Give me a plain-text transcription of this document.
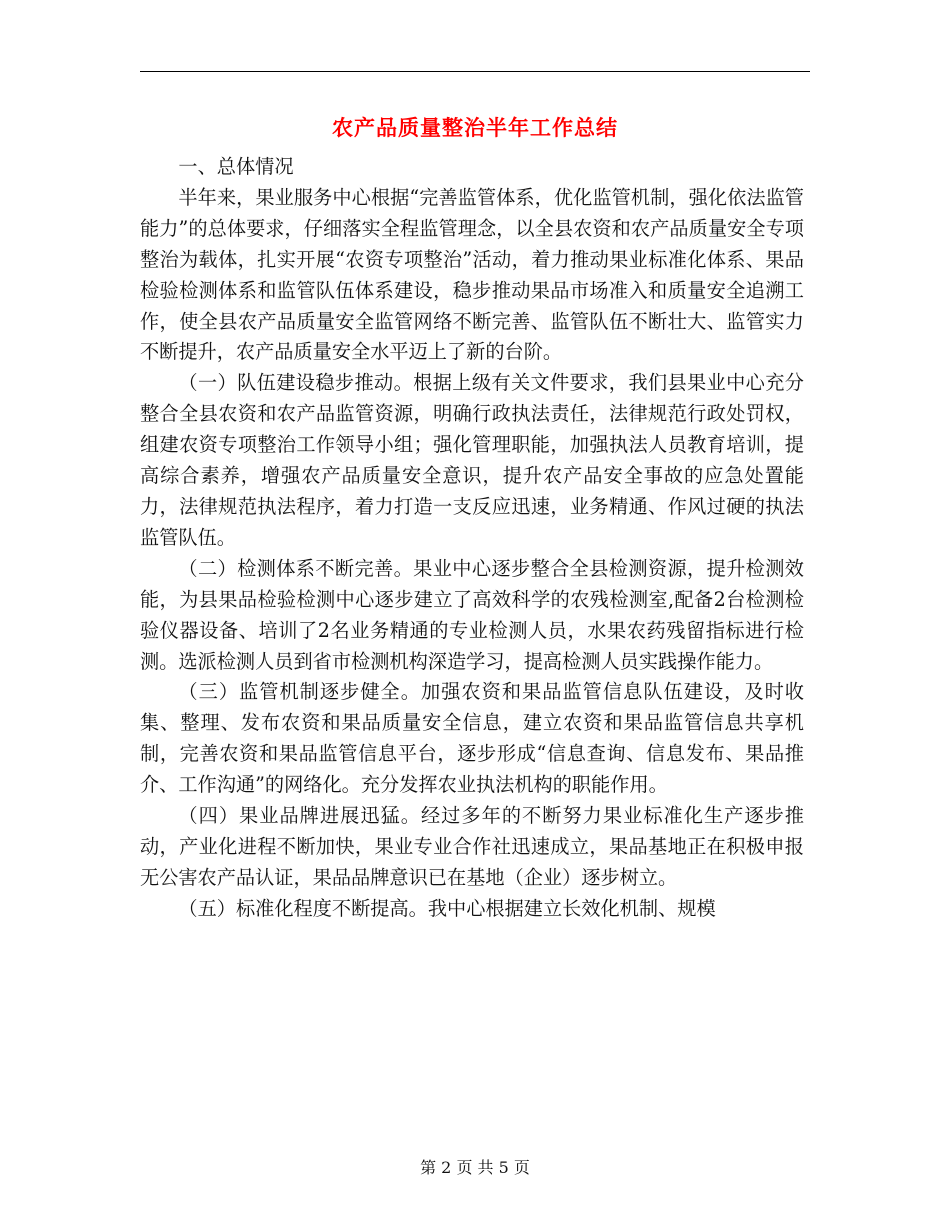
农产品质量整治半年工作总结

一、总体情况

半年来，果业服务中心根据“完善监管体系，优化监管机制，强化依法监管能力”的总体要求，仔细落实全程监管理念，以全县农资和农产品质量安全专项整治为载体，扎实开展“农资专项整治”活动，着力推动果业标准化体系、果品检验检测体系和监管队伍体系建设，稳步推动果品市场准入和质量安全追溯工作，使全县农产品质量安全监管网络不断完善、监管队伍不断壮大、监管实力不断提升，农产品质量安全水平迈上了新的台阶。

（一）队伍建设稳步推动。根据上级有关文件要求，我们县果业中心充分整合全县农资和农产品监管资源，明确行政执法责任，法律规范行政处罚权，组建农资专项整治工作领导小组；强化管理职能，加强执法人员教育培训，提高综合素养，增强农产品质量安全意识，提升农产品安全事故的应急处置能力，法律规范执法程序，着力打造一支反应迅速，业务精通、作风过硬的执法监管队伍。

（二）检测体系不断完善。果业中心逐步整合全县检测资源，提升检测效能，为县果品检验检测中心逐步建立了高效科学的农残检测室,配备2台检测检验仪器设备、培训了2名业务精通的专业检测人员，水果农药残留指标进行检测。选派检测人员到省市检测机构深造学习，提高检测人员实践操作能力。

（三）监管机制逐步健全。加强农资和果品监管信息队伍建设，及时收集、整理、发布农资和果品质量安全信息，建立农资和果品监管信息共享机制，完善农资和果品监管信息平台，逐步形成“信息查询、信息发布、果品推介、工作沟通”的网络化。充分发挥农业执法机构的职能作用。

（四）果业品牌进展迅猛。经过多年的不断努力果业标准化生产逐步推动，产业化进程不断加快，果业专业合作社迅速成立，果品基地正在积极申报无公害农产品认证，果品品牌意识已在基地（企业）逐步树立。

（五）标准化程度不断提高。我中心根据建立长效化机制、规模

第 2 页 共 5 页
